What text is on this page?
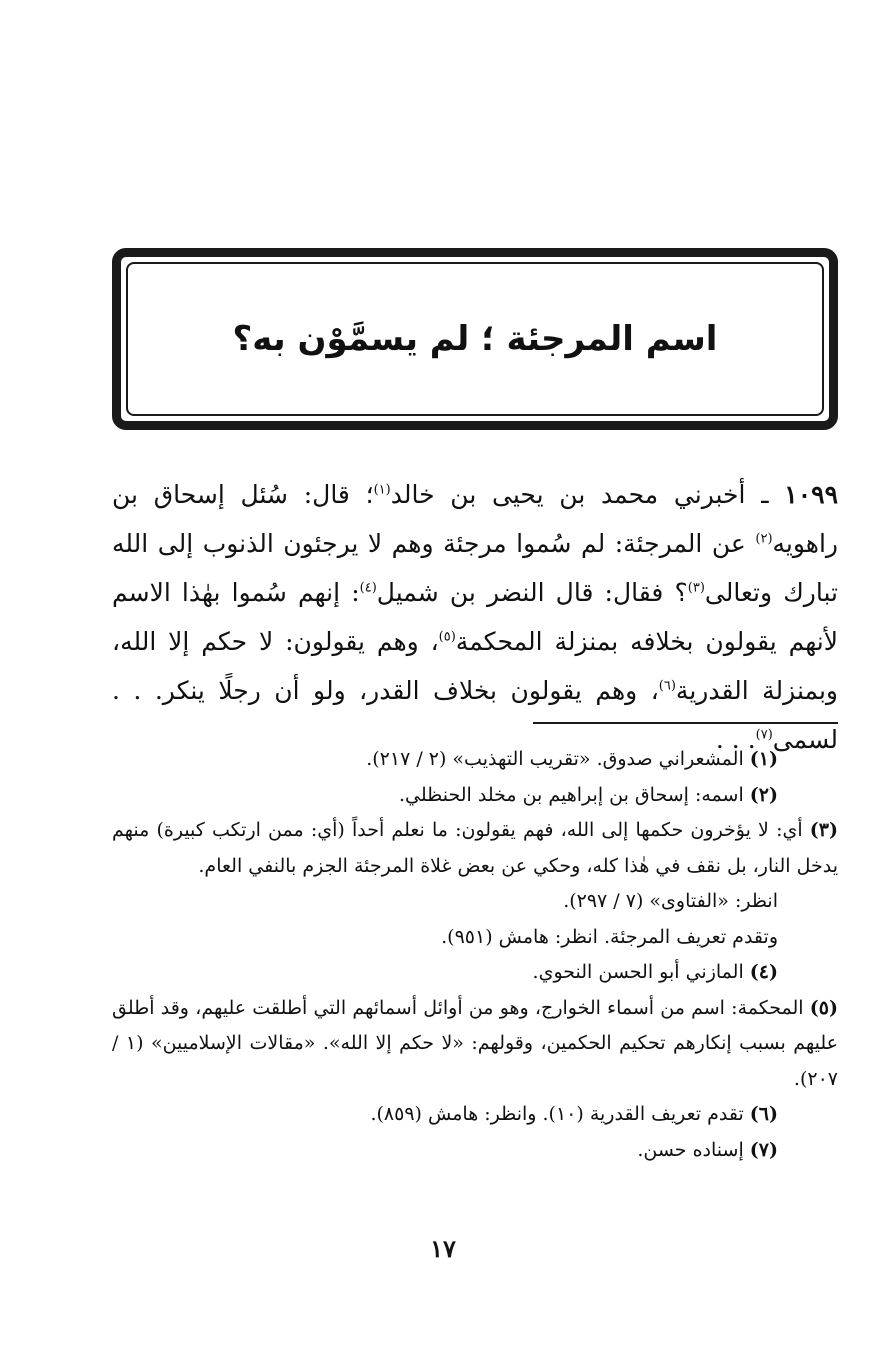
اسم المرجئة ؛ لم يسمَّوْن به؟

١٠٩٩ ـ أخبرني محمد بن يحيى بن خالد$^{(١)}$؛ قال: سُئل إسحاق بن راهويه$^{(٢)}$ عن المرجئة: لم سُموا مرجئة وهم لا يرجئون الذنوب إلى الله تبارك وتعالى$^{(٣)}$؟ فقال: قال النضر بن شميل$^{(٤)}$: إنهم سُموا بهٰذا الاسم لأنهم يقولون بخلافه بمنزلة المحكمة$^{(٥)}$، وهم يقولون: لا حكم إلا الله، وبمنزلة القدرية$^{(٦)}$، وهم يقولون بخلاف القدر، ولو أن رجلًا ينكر. . . لسمى$^{(٧)}$. . .

(١) المشعراني صدوق. «تقريب التهذيب» (٢ / ٢١٧).

(٢) اسمه: إسحاق بن إبراهيم بن مخلد الحنظلي.

(٣) أي: لا يؤخرون حكمها إلى الله، فهم يقولون: ما نعلم أحداً (أي: ممن ارتكب كبيرة) منهم يدخل النار، بل نقف في هٰذا كله، وحكي عن بعض غلاة المرجئة الجزم بالنفي العام.

انظر: «الفتاوى» (٧ / ٢٩٧).

وتقدم تعريف المرجئة. انظر: هامش (٩٥١).

(٤) المازني أبو الحسن النحوي.

(٥) المحكمة: اسم من أسماء الخوارج، وهو من أوائل أسمائهم التي أطلقت عليهم، وقد أطلق عليهم بسبب إنكارهم تحكيم الحكمين، وقولهم: «لا حكم إلا الله». «مقالات الإسلاميين» (١ / ٢٠٧).

(٦) تقدم تعريف القدرية (١٠). وانظر: هامش (٨٥٩).

(٧) إسناده حسن.

١٧
